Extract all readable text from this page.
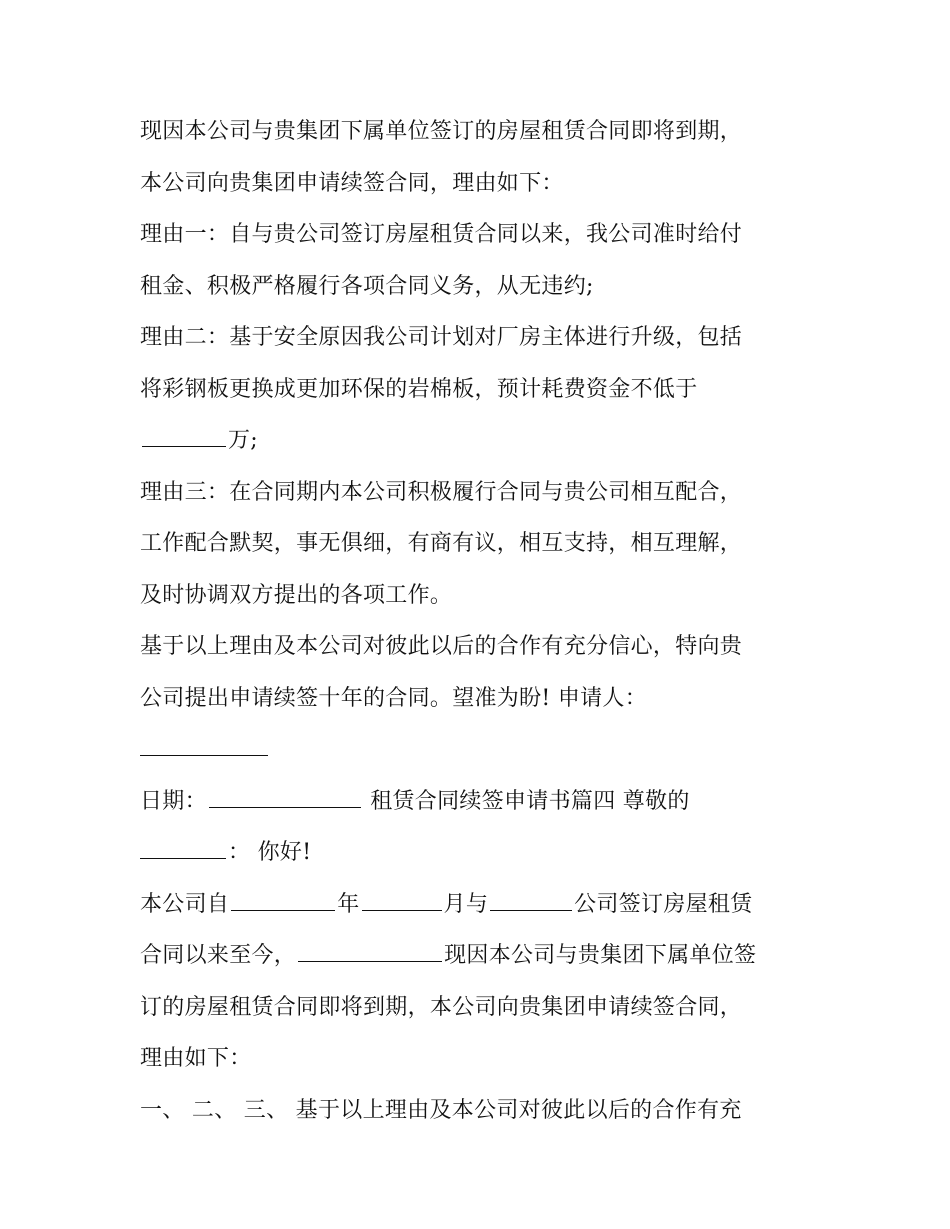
现因本公司与贵集团下属单位签订的房屋租赁合同即将到期，
本公司向贵集团申请续签合同，理由如下：
理由一：自与贵公司签订房屋租赁合同以来，我公司准时给付
租金、积极严格履行各项合同义务，从无违约;
理由二：基于安全原因我公司计划对厂房主体进行升级，包括
将彩钢板更换成更加环保的岩棉板，预计耗费资金不低于
万;
理由三：在合同期内本公司积极履行合同与贵公司相互配合，
工作配合默契，事无俱细，有商有议，相互支持，相互理解，
及时协调双方提出的各项工作。
基于以上理由及本公司对彼此以后的合作有充分信心，特向贵
公司提出申请续签十年的合同。望准为盼! 申请人：
日期：	租赁合同续签申请书篇四 尊敬的
： 你好!
本公司自	年	月与	公司签订房屋租赁
合同以来至今，	现因本公司与贵集团下属单位签
订的房屋租赁合同即将到期，本公司向贵集团申请续签合同，
理由如下：
一、 二、 三、 基于以上理由及本公司对彼此以后的合作有充
